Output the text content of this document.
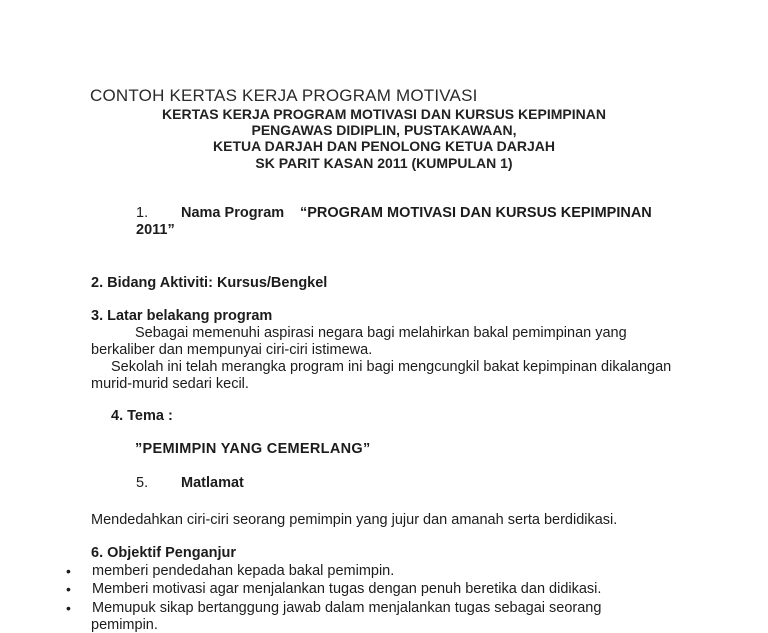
CONTOH KERTAS KERJA PROGRAM MOTIVASI
KERTAS KERJA PROGRAM MOTIVASI DAN KURSUS KEPIMPINAN
PENGAWAS DIDIPLIN, PUSTAKAWAAN,
KETUA DARJAH DAN PENOLONG KETUA DARJAH
SK PARIT KASAN 2011 (KUMPULAN 1)
1. Nama Program “PROGRAM MOTIVASI DAN KURSUS KEPIMPINAN
2011”
2. Bidang Aktiviti: Kursus/Bengkel
3. Latar belakang program
Sebagai memenuhi aspirasi negara bagi melahirkan bakal pemimpinan yang
berkaliber dan mempunyai ciri-ciri istimewa.
Sekolah ini telah merangka program ini bagi mengcungkil bakat kepimpinan dikalangan
murid-murid sedari kecil.
4. Tema :
”PEMIMPIN YANG CEMERLANG”
5. Matlamat
Mendedahkan ciri-ciri seorang pemimpin yang jujur dan amanah serta berdidikasi.
6. Objektif Penganjur
• memberi pendedahan kepada bakal pemimpin.
• Memberi motivasi agar menjalankan tugas dengan penuh beretika dan didikasi.
• Memupuk sikap bertanggung jawab dalam menjalankan tugas sebagai seorang
pemimpin.
